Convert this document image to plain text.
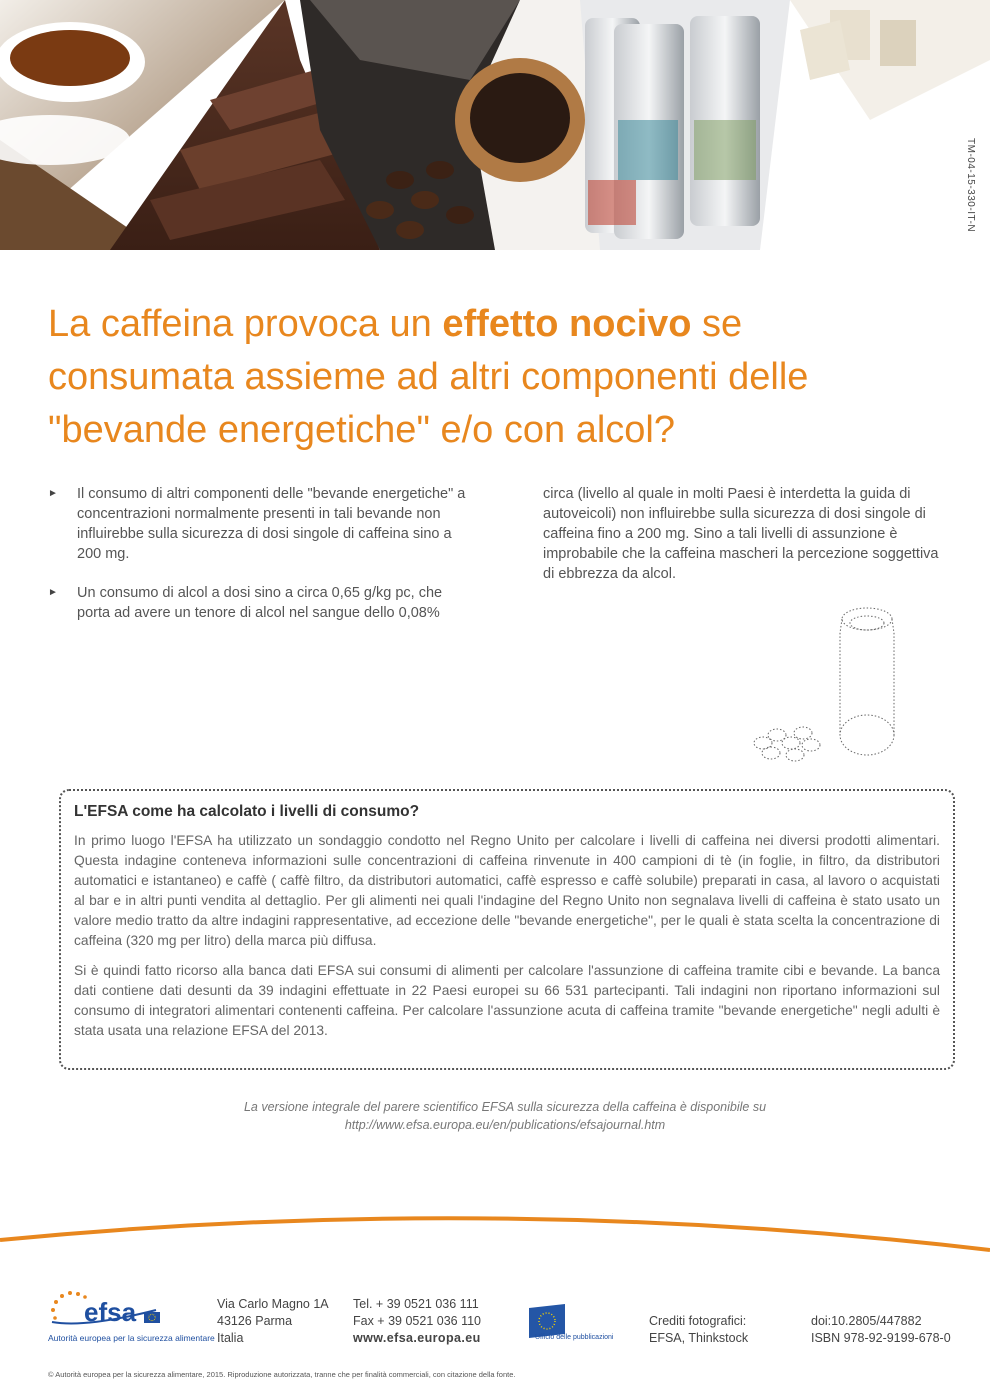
TM-04-15-330-IT-N
La caffeina provoca un effetto nocivo se consumata assieme ad altri componenti delle "bevande energetiche" e/o con alcol?
► Il consumo di altri componenti delle "bevande energetiche" a concentrazioni normalmente presenti in tali bevande non influirebbe sulla sicurezza di dosi singole di caffeina sino a 200 mg.
► Un consumo di alcol a dosi sino a circa 0,65 g/kg pc, che porta ad avere un tenore di alcol nel sangue dello 0,08%

circa (livello al quale in molti Paesi è interdetta la guida di autoveicoli) non influirebbe sulla sicurezza di dosi singole di caffeina fino a 200 mg. Sino a tali livelli di assunzione è improbabile che la caffeina mascheri la percezione soggettiva di ebbrezza da alcol.

L'EFSA come ha calcolato i livelli di consumo?

In primo luogo l'EFSA ha utilizzato un sondaggio condotto nel Regno Unito per calcolare i livelli di caffeina nei diversi prodotti alimentari. Questa indagine conteneva informazioni sulle concentrazioni di caffeina rinvenute in 400 campioni di tè (in foglie, in filtro, da distributori automatici e istantaneo) e caffè ( caffè filtro, da distributori automatici, caffè espresso e caffè solubile) preparati in casa, al lavoro o acquistati al bar e in altri punti vendita al dettaglio. Per gli alimenti nei quali l'indagine del Regno Unito non segnalava livelli di caffeina è stato usato un valore medio tratto da altre indagini rappresentative, ad eccezione delle "bevande energetiche", per le quali è stata scelta la concentrazione di caffeina (320 mg per litro) della marca più diffusa.

Si è quindi fatto ricorso alla banca dati EFSA sui consumi di alimenti per calcolare l'assunzione di caffeina tramite cibi e bevande. La banca dati contiene dati desunti da 39 indagini effettuate in 22 Paesi europei su 66 531 partecipanti. Tali indagini non riportano informazioni sul consumo di integratori alimentari contenenti caffeina. Per calcolare l'assunzione acuta di caffeina tramite "bevande energetiche" negli adulti è stata usata una relazione EFSA del 2013.

La versione integrale del parere scientifico EFSA sulla sicurezza della caffeina è disponibile su
http://www.efsa.europa.eu/en/publications/efsajournal.htm
efsa
Autorità europea per la sicurezza alimentare
Via Carlo Magno 1A
43126 Parma
Italia
Tel. + 39 0521 036 111
Fax + 39 0521 036 110
www.efsa.europa.eu	Ufficio delle pubblicazioni
Crediti fotografici:
EFSA, Thinkstock
doi:10.2805/447882
ISBN 978-92-9199-678-0
© Autorità europea per la sicurezza alimentare, 2015. Riproduzione autorizzata, tranne che per finalità commerciali, con citazione della fonte.
